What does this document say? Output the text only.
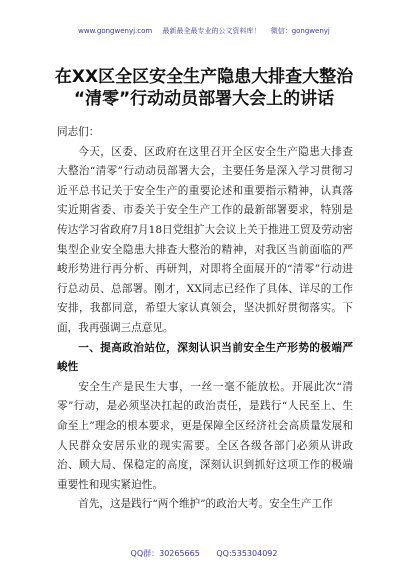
www.gongwenyj.com 最新最全最专业的公文资料库！ 微信：gongwenyj
在XX区全区安全生产隐患大排查大整治
“清零”行动动员部署大会上的讲话

同志们：

今天，区委、区政府在这里召开全区安全生产隐患大排查大整治“清零”行动动员部署大会，主要任务是深入学习贯彻习近平总书记关于安全生产的重要论述和重要指示精神，认真落实近期省委、市委关于安全生产工作的最新部署要求，特别是传达学习省政府7月18日党组扩大会议上关于推进工贸及劳动密集型企业安全隐患大排查大整治的精神，对我区当前面临的严峻形势进行再分析、再研判，对即将全面展开的“清零”行动进行总动员、总部署。刚才，XX同志已经作了具体、详尽的工作安排，我都同意，希望大家认真领会，坚决抓好贯彻落实。下面，我再强调三点意见。

一、提高政治站位，深刻认识当前安全生产形势的极端严峻性

安全生产是民生大事，一丝一毫不能放松。开展此次“清零”行动，是必须坚决扛起的政治责任，是践行“人民至上、生命至上”理念的根本要求，更是保障全区经济社会高质量发展和人民群众安居乐业的现实需要。全区各级各部门必须从讲政治、顾大局、保稳定的高度，深刻认识到抓好这项工作的极端重要性和现实紧迫性。

首先，这是践行“两个维护”的政治大考。安全生产工作

QQ群：30265665 QQ:535304092
